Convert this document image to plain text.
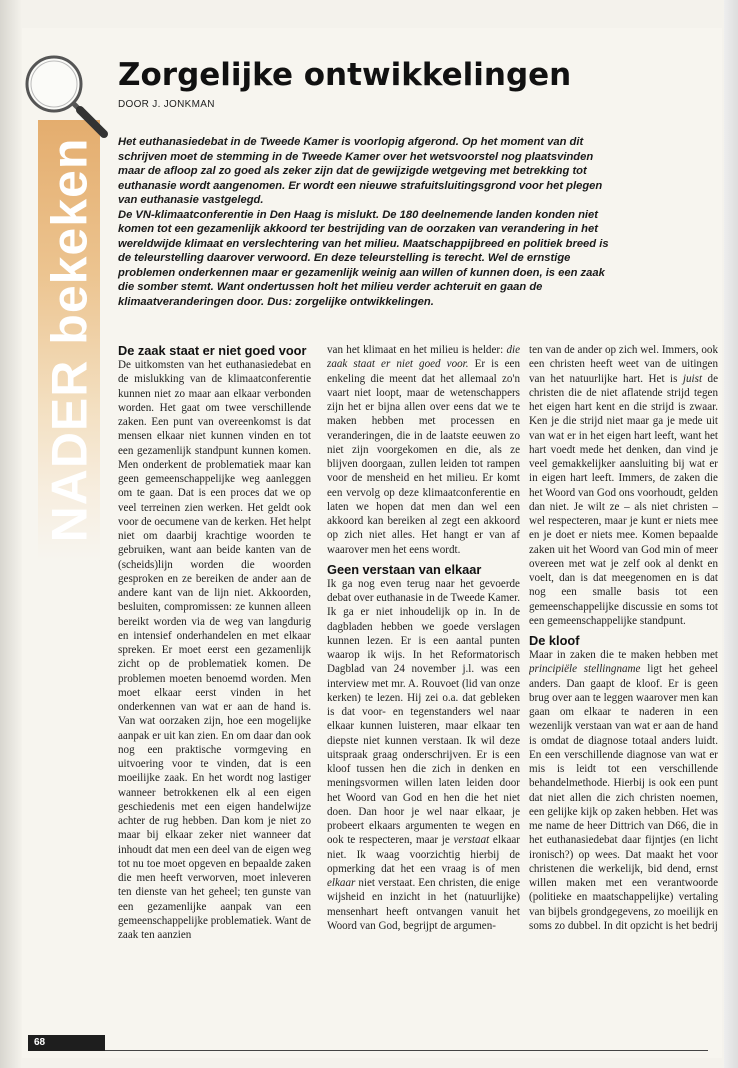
NADER bekeken
Zorgelijke ontwikkelingen
DOOR J. JONKMAN

Het euthanasiedebat in de Tweede Kamer is voorlopig afgerond. Op het moment van dit schrijven moet de stemming in de Tweede Kamer over het wetsvoorstel nog plaatsvinden maar de afloop zal zo goed als zeker zijn dat de gewijzigde wetgeving met betrekking tot euthanasie wordt aangenomen. Er wordt een nieuwe strafuitsluitingsgrond voor het plegen van euthanasie vastgelegd.

De VN-klimaatconferentie in Den Haag is mislukt. De 180 deelnemende landen konden niet komen tot een gezamenlijk akkoord ter bestrijding van de oorzaken van verandering in het wereldwijde klimaat en verslechtering van het milieu. Maatschappijbreed en politiek breed is de teleurstelling daarover verwoord. En deze teleurstelling is terecht. Wel de ernstige problemen onderkennen maar er gezamenlijk weinig aan willen of kunnen doen, is een zaak die somber stemt. Want ondertussen holt het milieu verder achteruit en gaan de klimaatveranderingen door. Dus: zorgelijke ontwikkelingen.

De zaak staat er niet goed voor

De uitkomsten van het euthanasiedebat en de mislukking van de klimaatconferentie kunnen niet zo maar aan elkaar verbonden worden. Het gaat om twee verschillende zaken. Een punt van overeenkomst is dat mensen elkaar niet kunnen vinden en tot een gezamenlijk standpunt kunnen komen. Men onderkent de problematiek maar kan geen gemeenschappelijke weg aanleggen om te gaan. Dat is een proces dat we op veel terreinen zien werken. Het geldt ook voor de oecumene van de kerken. Het helpt niet om daarbij krachtige woorden te gebruiken, want aan beide kanten van de (scheids)lijn worden die woorden gesproken en ze bereiken de ander aan de andere kant van de lijn niet. Akkoorden, besluiten, compromissen: ze kunnen alleen bereikt worden via de weg van langdurig en intensief onderhandelen en met elkaar spreken. Er moet eerst een gezamenlijk zicht op de problematiek komen. De problemen moeten benoemd worden. Men moet elkaar eerst vinden in het onderkennen van wat er aan de hand is. Van wat oorzaken zijn, hoe een mogelijke aanpak er uit kan zien. En om daar dan ook nog een praktische vormgeving en uitvoering voor te vinden, dat is een moeilijke zaak. En het wordt nog lastiger wanneer betrokkenen elk al een eigen geschiedenis met een eigen handelwijze achter de rug hebben. Dan kom je niet zo maar bij elkaar zeker niet wanneer dat inhoudt dat men een deel van de eigen weg tot nu toe moet opgeven en bepaalde zaken die men heeft verworven, moet inleveren ten dienste van het geheel; ten gunste van een gezamenlijke aanpak van een gemeenschappelijke problematiek. Want de zaak ten aanzien

van het klimaat en het milieu is helder: die zaak staat er niet goed voor. Er is een enkeling die meent dat het allemaal zo'n vaart niet loopt, maar de wetenschappers zijn het er bijna allen over eens dat we te maken hebben met processen en veranderingen, die in de laatste eeuwen zo niet zijn voorgekomen en die, als ze blijven doorgaan, zullen leiden tot rampen voor de mensheid en het milieu. Er komt een vervolg op deze klimaatconferentie en laten we hopen dat men dan wel een akkoord kan bereiken al zegt een akkoord op zich niet alles. Het hangt er van af waarover men het eens wordt.

Geen verstaan van elkaar

Ik ga nog even terug naar het gevoerde debat over euthanasie in de Tweede Kamer. Ik ga er niet inhoudelijk op in. In de dagbladen hebben we goede verslagen kunnen lezen. Er is een aantal punten waarop ik wijs. In het Reformatorisch Dagblad van 24 november j.l. was een interview met mr. A. Rouvoet (lid van onze kerken) te lezen. Hij zei o.a. dat gebleken is dat voor- en tegenstanders wel naar elkaar kunnen luisteren, maar elkaar ten diepste niet kunnen verstaan. Ik wil deze uitspraak graag onderschrijven. Er is een kloof tussen hen die zich in denken en meningsvormen willen laten leiden door het Woord van God en hen die het niet doen. Dan hoor je wel naar elkaar, je probeert elkaars argumenten te wegen en ook te respecteren, maar je verstaat elkaar niet. Ik waag voorzichtig hierbij de opmerking dat het een vraag is of men elkaar niet verstaat. Een christen, die enige wijsheid en inzicht in het (natuurlijke) mensenhart heeft ontvangen vanuit het Woord van God, begrijpt de argumen-

ten van de ander op zich wel. Immers, ook een christen heeft weet van de uitingen van het natuurlijke hart. Het is juist de christen die de niet aflatende strijd tegen het eigen hart kent en die strijd is zwaar. Ken je die strijd niet maar ga je mede uit van wat er in het eigen hart leeft, want het hart voedt mede het denken, dan vind je veel gemakkelijker aansluiting bij wat er in eigen hart leeft. Immers, de zaken die het Woord van God ons voorhoudt, gelden dan niet. Je wilt ze – als niet christen – wel respecteren, maar je kunt er niets mee en je doet er niets mee. Komen bepaalde zaken uit het Woord van God min of meer overeen met wat je zelf ook al denkt en voelt, dan is dat meegenomen en is dat nog een smalle basis tot een gemeenschappelijke discussie en soms tot een gemeenschappelijke standpunt.

De kloof

Maar in zaken die te maken hebben met principiële stellingname ligt het geheel anders. Dan gaapt de kloof. Er is geen brug over aan te leggen waarover men kan gaan om elkaar te naderen in een wezenlijk verstaan van wat er aan de hand is omdat de diagnose totaal anders luidt. En een verschillende diagnose van wat er mis is leidt tot een verschillende behandelmethode. Hierbij is ook een punt dat niet allen die zich christen noemen, een gelijke kijk op zaken hebben. Het was me name de heer Dittrich van D66, die in het euthanasiedebat daar fijntjes (en licht ironisch?) op wees. Dat maakt het voor christenen die werkelijk, bid dend, ernst willen maken met een verantwoorde (politieke en maatschappelijke) vertaling van bijbels grondgegevens, zo moeilijk en soms zo dubbel. In dit opzicht is het bedrij

68
